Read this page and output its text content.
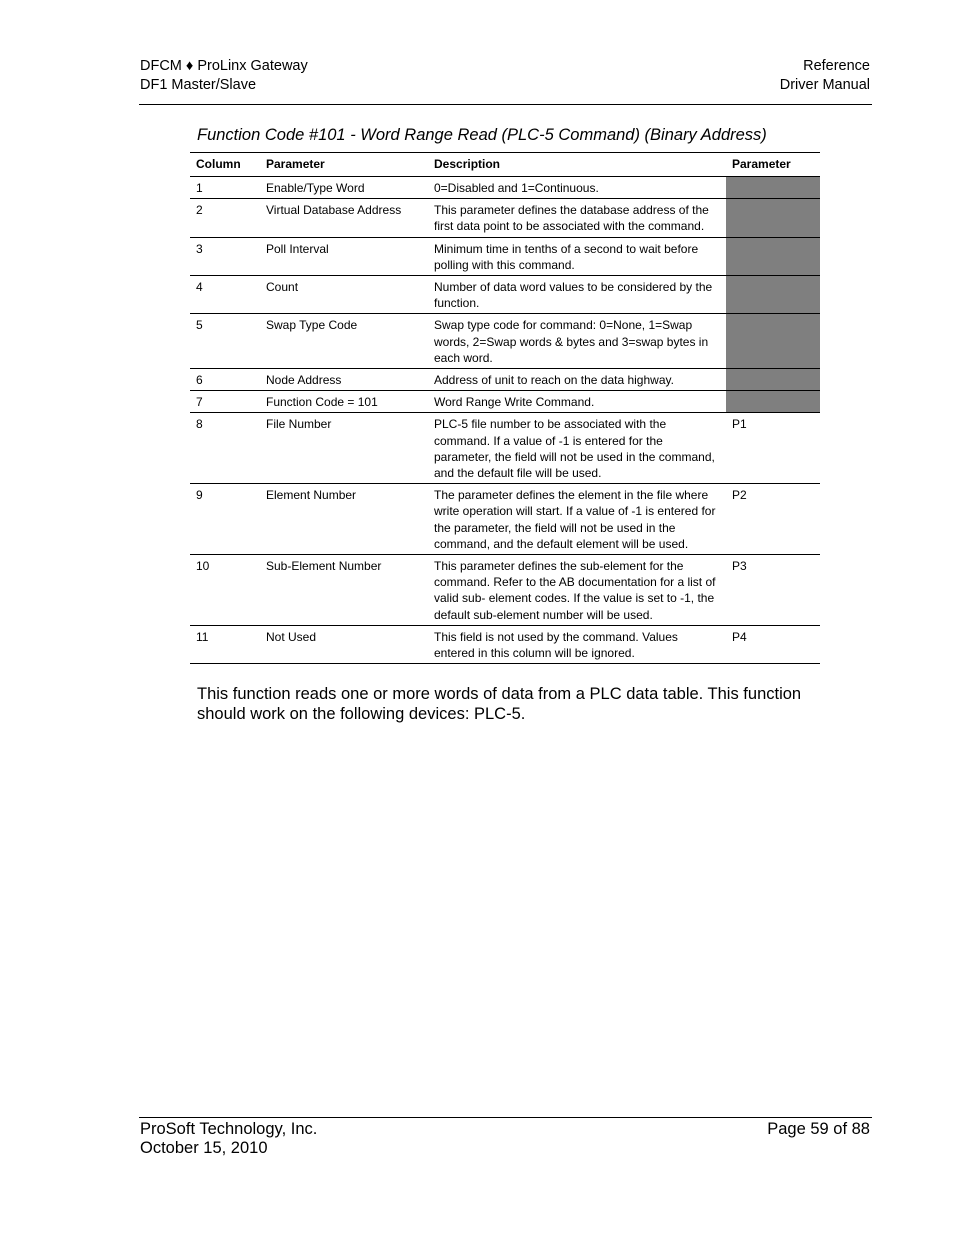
DFCM ♦ ProLinx Gateway
DF1 Master/Slave
Reference
Driver Manual
Function Code #101 - Word Range Read (PLC-5 Command) (Binary Address)
Column	Parameter	Description	Parameter
1	Enable/Type Word	0=Disabled and 1=Continuous.	
2	Virtual Database Address	This parameter defines the database address of the first data point to be associated with the command.	
3	Poll Interval	Minimum time in tenths of a second to wait before polling with this command.	
4	Count	Number of data word values to be considered by the function.	
5	Swap Type Code	Swap type code for command: 0=None, 1=Swap words, 2=Swap words & bytes and 3=swap bytes in each word.	
6	Node Address	Address of unit to reach on the data highway.	
7	Function Code = 101	Word Range Write Command.	
8	File Number	PLC-5 file number to be associated with the command. If a value of -1 is entered for the parameter, the field will not be used in the command, and the default file will be used.	P1
9	Element Number	The parameter defines the element in the file where write operation will start. If a value of -1 is entered for the parameter, the field will not be used in the command, and the default element will be used.	P2
10	Sub-Element Number	This parameter defines the sub-element for the command. Refer to the AB documentation for a list of valid sub- element codes. If the value is set to -1, the default sub-element number will be used.	P3
11	Not Used	This field is not used by the command. Values entered in this column will be ignored.	P4
This function reads one or more words of data from a PLC data table. This function should work on the following devices: PLC-5.
ProSoft Technology, Inc.
October 15, 2010
Page 59 of 88
